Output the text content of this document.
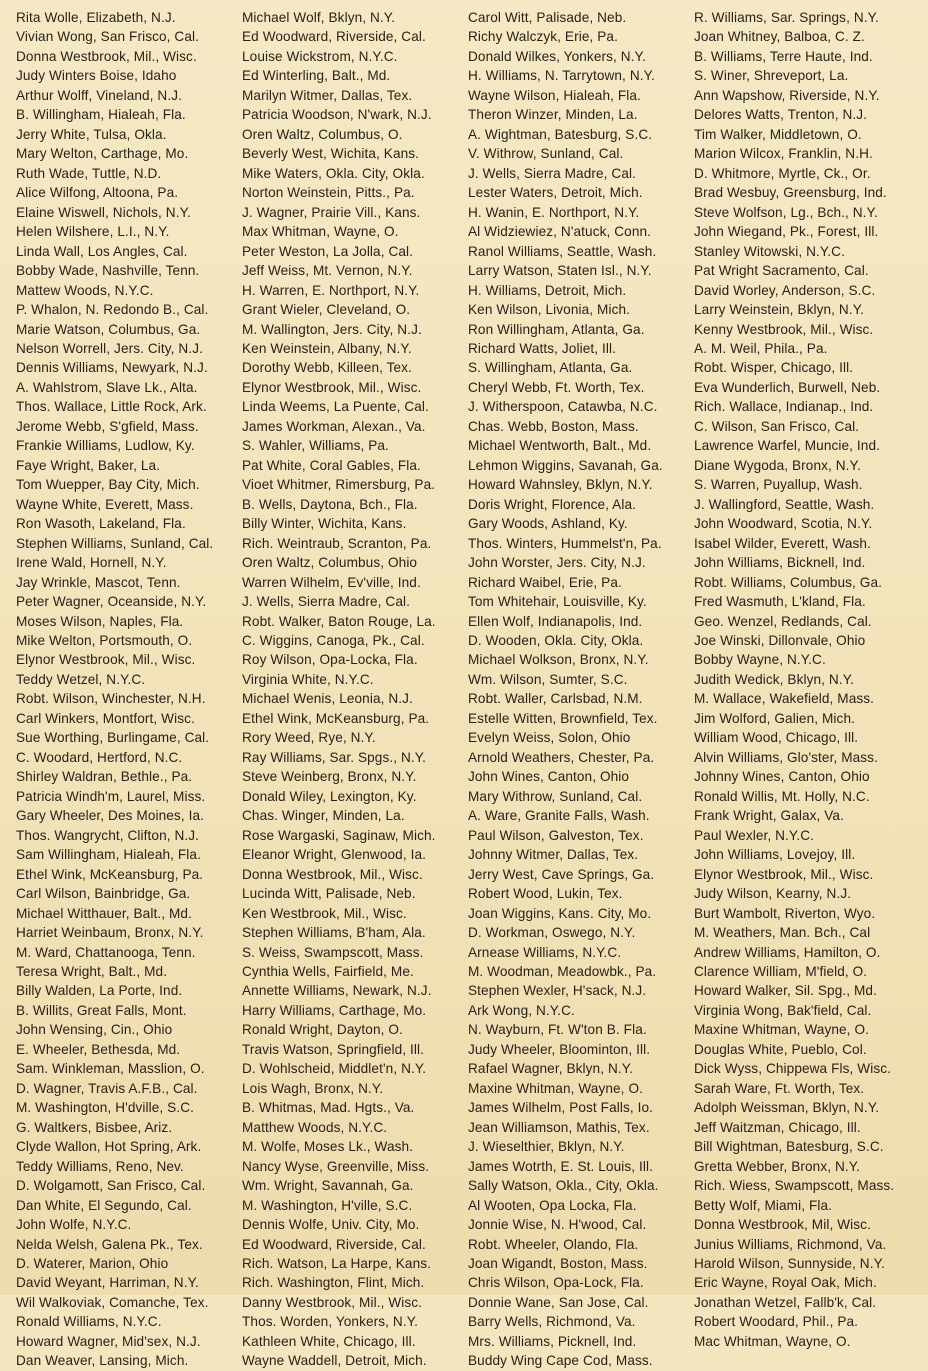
Rita Wolle, Elizabeth, N.J.
Vivian Wong, San Frisco, Cal.
Donna Westbrook, Mil., Wisc.
Judy Winters Boise, Idaho
Arthur Wolff, Vineland, N.J.
B. Willingham, Hialeah, Fla.
Jerry White, Tulsa, Okla.
Mary Welton, Carthage, Mo.
Ruth Wade, Tuttle, N.D.
Alice Wilfong, Altoona, Pa.
Elaine Wiswell, Nichols, N.Y.
Helen Wilshere, L.I., N.Y.
Linda Wall, Los Angles, Cal.
Bobby Wade, Nashville, Tenn.
Mattew Woods, N.Y.C.
P. Whalon, N. Redondo B., Cal.
Marie Watson, Columbus, Ga.
Nelson Worrell, Jers. City, N.J.
Dennis Williams, Newyark, N.J.
A. Wahlstrom, Slave Lk., Alta.
Thos. Wallace, Little Rock, Ark.
Jerome Webb, S'gfield, Mass.
Frankie Williams, Ludlow, Ky.
Faye Wright, Baker, La.
Tom Wuepper, Bay City, Mich.
Wayne White, Everett, Mass.
Ron Wasoth, Lakeland, Fla.
Stephen Williams, Sunland, Cal.
Irene Wald, Hornell, N.Y.
Jay Wrinkle, Mascot, Tenn.
Peter Wagner, Oceanside, N.Y.
Moses Wilson, Naples, Fla.
Mike Welton, Portsmouth, O.
Elynor Westbrook, Mil., Wisc.
Teddy Wetzel, N.Y.C.
Robt. Wilson, Winchester, N.H.
Carl Winkers, Montfort, Wisc.
Sue Worthing, Burlingame, Cal.
C. Woodard, Hertford, N.C.
Shirley Waldran, Bethle., Pa.
Patricia Windh'm, Laurel, Miss.
Gary Wheeler, Des Moines, Ia.
Thos. Wangrycht, Clifton, N.J.
Sam Willingham, Hialeah, Fla.
Ethel Wink, McKeansburg, Pa.
Carl Wilson, Bainbridge, Ga.
Michael Witthauer, Balt., Md.
Harriet Weinbaum, Bronx, N.Y.
M. Ward, Chattanooga, Tenn.
Teresa Wright, Balt., Md.
Billy Walden, La Porte, Ind.
B. Willits, Great Falls, Mont.
John Wensing, Cin., Ohio
E. Wheeler, Bethesda, Md.
Sam. Winkleman, Masslion, O.
D. Wagner, Travis A.F.B., Cal.
M. Washington, H'dville, S.C.
G. Waltkers, Bisbee, Ariz.
Clyde Wallon, Hot Spring, Ark.
Teddy Williams, Reno, Nev.
D. Wolgamott, San Frisco, Cal.
Dan White, El Segundo, Cal.
John Wolfe, N.Y.C.
Nelda Welsh, Galena Pk., Tex.
D. Waterer, Marion, Ohio
David Weyant, Harriman, N.Y.
Wil Walkoviak, Comanche, Tex.
Ronald Williams, N.Y.C.
Howard Wagner, Mid'sex, N.J.
Dan Weaver, Lansing, Mich.
Michael Wolf, Bklyn, N.Y.
Ed Woodward, Riverside, Cal.
Louise Wickstrom, N.Y.C.
Ed Winterling, Balt., Md.
Marilyn Witmer, Dallas, Tex.
Patricia Woodson, N'wark, N.J.
Oren Waltz, Columbus, O.
Beverly West, Wichita, Kans.
Mike Waters, Okla. City, Okla.
Norton Weinstein, Pitts., Pa.
J. Wagner, Prairie Vill., Kans.
Max Whitman, Wayne, O.
Peter Weston, La Jolla, Cal.
Jeff Weiss, Mt. Vernon, N.Y.
H. Warren, E. Northport, N.Y.
Grant Wieler, Cleveland, O.
M. Wallington, Jers. City, N.J.
Ken Weinstein, Albany, N.Y.
Dorothy Webb, Killeen, Tex.
Elynor Westbrook, Mil., Wisc.
Linda Weems, La Puente, Cal.
James Workman, Alexan., Va.
S. Wahler, Williams, Pa.
Pat White, Coral Gables, Fla.
Vioet Whitmer, Rimersburg, Pa.
B. Wells, Daytona, Bch., Fla.
Billy Winter, Wichita, Kans.
Rich. Weintraub, Scranton, Pa.
Oren Waltz, Columbus, Ohio
Warren Wilhelm, Ev'ville, Ind.
J. Wells, Sierra Madre, Cal.
Robt. Walker, Baton Rouge, La.
C. Wiggins, Canoga, Pk., Cal.
Roy Wilson, Opa-Locka, Fla.
Virginia White, N.Y.C.
Michael Wenis, Leonia, N.J.
Ethel Wink, McKeansburg, Pa.
Rory Weed, Rye, N.Y.
Ray Williams, Sar. Spgs., N.Y.
Steve Weinberg, Bronx, N.Y.
Donald Wiley, Lexington, Ky.
Chas. Winger, Minden, La.
Rose Wargaski, Saginaw, Mich.
Eleanor Wright, Glenwood, Ia.
Donna Westbrook, Mil., Wisc.
Lucinda Witt, Palisade, Neb.
Ken Westbrook, Mil., Wisc.
Stephen Williams, B'ham, Ala.
S. Weiss, Swampscott, Mass.
Cynthia Wells, Fairfield, Me.
Annette Williams, Newark, N.J.
Harry Williams, Carthage, Mo.
Ronald Wright, Dayton, O.
Travis Watson, Springfield, Ill.
D. Wohlscheid, Middlet'n, N.Y.
Lois Wagh, Bronx, N.Y.
B. Whitmas, Mad. Hgts., Va.
Matthew Woods, N.Y.C.
M. Wolfe, Moses Lk., Wash.
Nancy Wyse, Greenville, Miss.
Wm. Wright, Savannah, Ga.
M. Washington, H'ville, S.C.
Dennis Wolfe, Univ. City, Mo.
Ed Woodward, Riverside, Cal.
Rich. Watson, La Harpe, Kans.
Rich. Washington, Flint, Mich.
Danny Westbrook, Mil., Wisc.
Thos. Worden, Yonkers, N.Y.
Kathleen White, Chicago, Ill.
Wayne Waddell, Detroit, Mich.
Carol Witt, Palisade, Neb.
Richy Walczyk, Erie, Pa.
Donald Wilkes, Yonkers, N.Y.
H. Williams, N. Tarrytown, N.Y.
Wayne Wilson, Hialeah, Fla.
Theron Winzer, Minden, La.
A. Wightman, Batesburg, S.C.
V. Withrow, Sunland, Cal.
J. Wells, Sierra Madre, Cal.
Lester Waters, Detroit, Mich.
H. Wanin, E. Northport, N.Y.
Al Widziewiez, N'atuck, Conn.
Ranol Williams, Seattle, Wash.
Larry Watson, Staten Isl., N.Y.
H. Williams, Detroit, Mich.
Ken Wilson, Livonia, Mich.
Ron Willingham, Atlanta, Ga.
Richard Watts, Joliet, Ill.
S. Willingham, Atlanta, Ga.
Cheryl Webb, Ft. Worth, Tex.
J. Witherspoon, Catawba, N.C.
Chas. Webb, Boston, Mass.
Michael Wentworth, Balt., Md.
Lehmon Wiggins, Savanah, Ga.
Howard Wahnsley, Bklyn, N.Y.
Doris Wright, Florence, Ala.
Gary Woods, Ashland, Ky.
Thos. Winters, Hummelst'n, Pa.
John Worster, Jers. City, N.J.
Richard Waibel, Erie, Pa.
Tom Whitehair, Louisville, Ky.
Ellen Wolf, Indianapolis, Ind.
D. Wooden, Okla. City, Okla.
Michael Wolkson, Bronx, N.Y.
Wm. Wilson, Sumter, S.C.
Robt. Waller, Carlsbad, N.M.
Estelle Witten, Brownfield, Tex.
Evelyn Weiss, Solon, Ohio
Arnold Weathers, Chester, Pa.
John Wines, Canton, Ohio
Mary Withrow, Sunland, Cal.
A. Ware, Granite Falls, Wash.
Paul Wilson, Galveston, Tex.
Johnny Witmer, Dallas, Tex.
Jerry West, Cave Springs, Ga.
Robert Wood, Lukin, Tex.
Joan Wiggins, Kans. City, Mo.
D. Workman, Oswego, N.Y.
Arnease Williams, N.Y.C.
M. Woodman, Meadowbk., Pa.
Stephen Wexler, H'sack, N.J.
Ark Wong, N.Y.C.
N. Wayburn, Ft. W'ton B. Fla.
Judy Wheeler, Bloominton, Ill.
Rafael Wagner, Bklyn, N.Y.
Maxine Whitman, Wayne, O.
James Wilhelm, Post Falls, Io.
Jean Williamson, Mathis, Tex.
J. Wieselthier, Bklyn, N.Y.
James Wotrth, E. St. Louis, Ill.
Sally Watson, Okla., City, Okla.
Al Wooten, Opa Locka, Fla.
Jonnie Wise, N. H'wood, Cal.
Robt. Wheeler, Olando, Fla.
Joan Wigandt, Boston, Mass.
Chris Wilson, Opa-Lock, Fla.
Donnie Wane, San Jose, Cal.
Barry Wells, Richmond, Va.
Mrs. Williams, Picknell, Ind.
Buddy Wing Cape Cod, Mass.
R. Williams, Sar. Springs, N.Y.
Joan Whitney, Balboa, C. Z.
B. Williams, Terre Haute, Ind.
S. Winer, Shreveport, La.
Ann Wapshow, Riverside, N.Y.
Delores Watts, Trenton, N.J.
Tim Walker, Middletown, O.
Marion Wilcox, Franklin, N.H.
D. Whitmore, Myrtle, Ck., Or.
Brad Wesbuy, Greensburg, Ind.
Steve Wolfson, Lg., Bch., N.Y.
John Wiegand, Pk., Forest, Ill.
Stanley Witowski, N.Y.C.
Pat Wright Sacramento, Cal.
David Worley, Anderson, S.C.
Larry Weinstein, Bklyn, N.Y.
Kenny Westbrook, Mil., Wisc.
A. M. Weil, Phila., Pa.
Robt. Wisper, Chicago, Ill.
Eva Wunderlich, Burwell, Neb.
Rich. Wallace, Indianap., Ind.
C. Wilson, San Frisco, Cal.
Lawrence Warfel, Muncie, Ind.
Diane Wygoda, Bronx, N.Y.
S. Warren, Puyallup, Wash.
J. Wallingford, Seattle, Wash.
John Woodward, Scotia, N.Y.
Isabel Wilder, Everett, Wash.
John Williams, Bicknell, Ind.
Robt. Williams, Columbus, Ga.
Fred Wasmuth, L'kland, Fla.
Geo. Wenzel, Redlands, Cal.
Joe Winski, Dillonvale, Ohio
Bobby Wayne, N.Y.C.
Judith Wedick, Bklyn, N.Y.
M. Wallace, Wakefield, Mass.
Jim Wolford, Galien, Mich.
William Wood, Chicago, Ill.
Alvin Williams, Glo'ster, Mass.
Johnny Wines, Canton, Ohio
Ronald Willis, Mt. Holly, N.C.
Frank Wright, Galax, Va.
Paul Wexler, N.Y.C.
John Williams, Lovejoy, Ill.
Elynor Westbrook, Mil., Wisc.
Judy Wilson, Kearny, N.J.
Burt Wambolt, Riverton, Wyo.
M. Weathers, Man. Bch., Cal
Andrew Williams, Hamilton, O.
Clarence William, M'field, O.
Howard Walker, Sil. Spg., Md.
Virginia Wong, Bak'field, Cal.
Maxine Whitman, Wayne, O.
Douglas White, Pueblo, Col.
Dick Wyss, Chippewa Fls, Wisc.
Sarah Ware, Ft. Worth, Tex.
Adolph Weissman, Bklyn, N.Y.
Jeff Waitzman, Chicago, Ill.
Bill Wightman, Batesburg, S.C.
Gretta Webber, Bronx, N.Y.
Rich. Wiess, Swampscott, Mass.
Betty Wolf, Miami, Fla.
Donna Westbrook, Mil, Wisc.
Junius Williams, Richmond, Va.
Harold Wilson, Sunnyside, N.Y.
Eric Wayne, Royal Oak, Mich.
Jonathan Wetzel, Fallb'k, Cal.
Robert Woodard, Phil., Pa.
Mac Whitman, Wayne, O.
